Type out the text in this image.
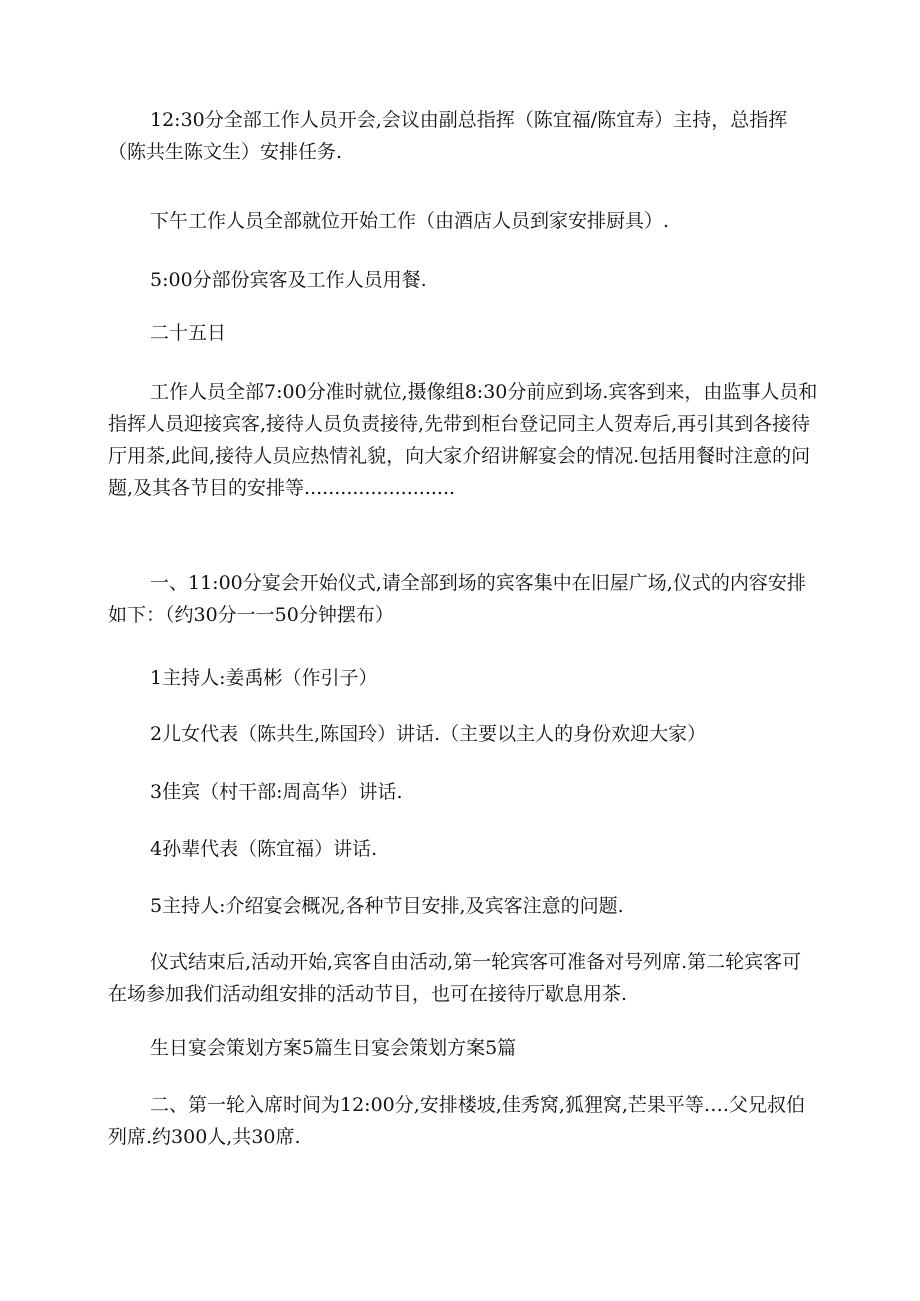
12:30分全部工作人员开会,会议由副总指挥（陈宜福/陈宜寿）主持，总指挥（陈共生陈文生）安排任务.

下午工作人员全部就位开始工作（由酒店人员到家安排厨具）.

5:00分部份宾客及工作人员用餐.

二十五日

工作人员全部7:00分准时就位,摄像组8:30分前应到场.宾客到来，由监事人员和指挥人员迎接宾客,接待人员负责接待,先带到柜台登记同主人贺寿后,再引其到各接待厅用茶,此间,接待人员应热情礼貌，向大家介绍讲解宴会的情况.包括用餐时注意的问题,及其各节目的安排等.........................

一、11:00分宴会开始仪式,请全部到场的宾客集中在旧屋广场,仪式的内容安排如下：（约30分一一50分钟摆布）

1主持人:姜禹彬（作引子）

2儿女代表（陈共生,陈国玲）讲话.（主要以主人的身份欢迎大家）

3佳宾（村干部:周高华）讲话.

4孙辈代表（陈宜福）讲话.

5主持人:介绍宴会概况,各种节目安排,及宾客注意的问题.

仪式结束后,活动开始,宾客自由活动,第一轮宾客可准备对号列席.第二轮宾客可在场参加我们活动组安排的活动节目，也可在接待厅歇息用茶.

生日宴会策划方案5篇生日宴会策划方案5篇

二、第一轮入席时间为12:00分,安排楼坡,佳秀窝,狐狸窝,芒果平等….父兄叔伯列席.约300人,共30席.
